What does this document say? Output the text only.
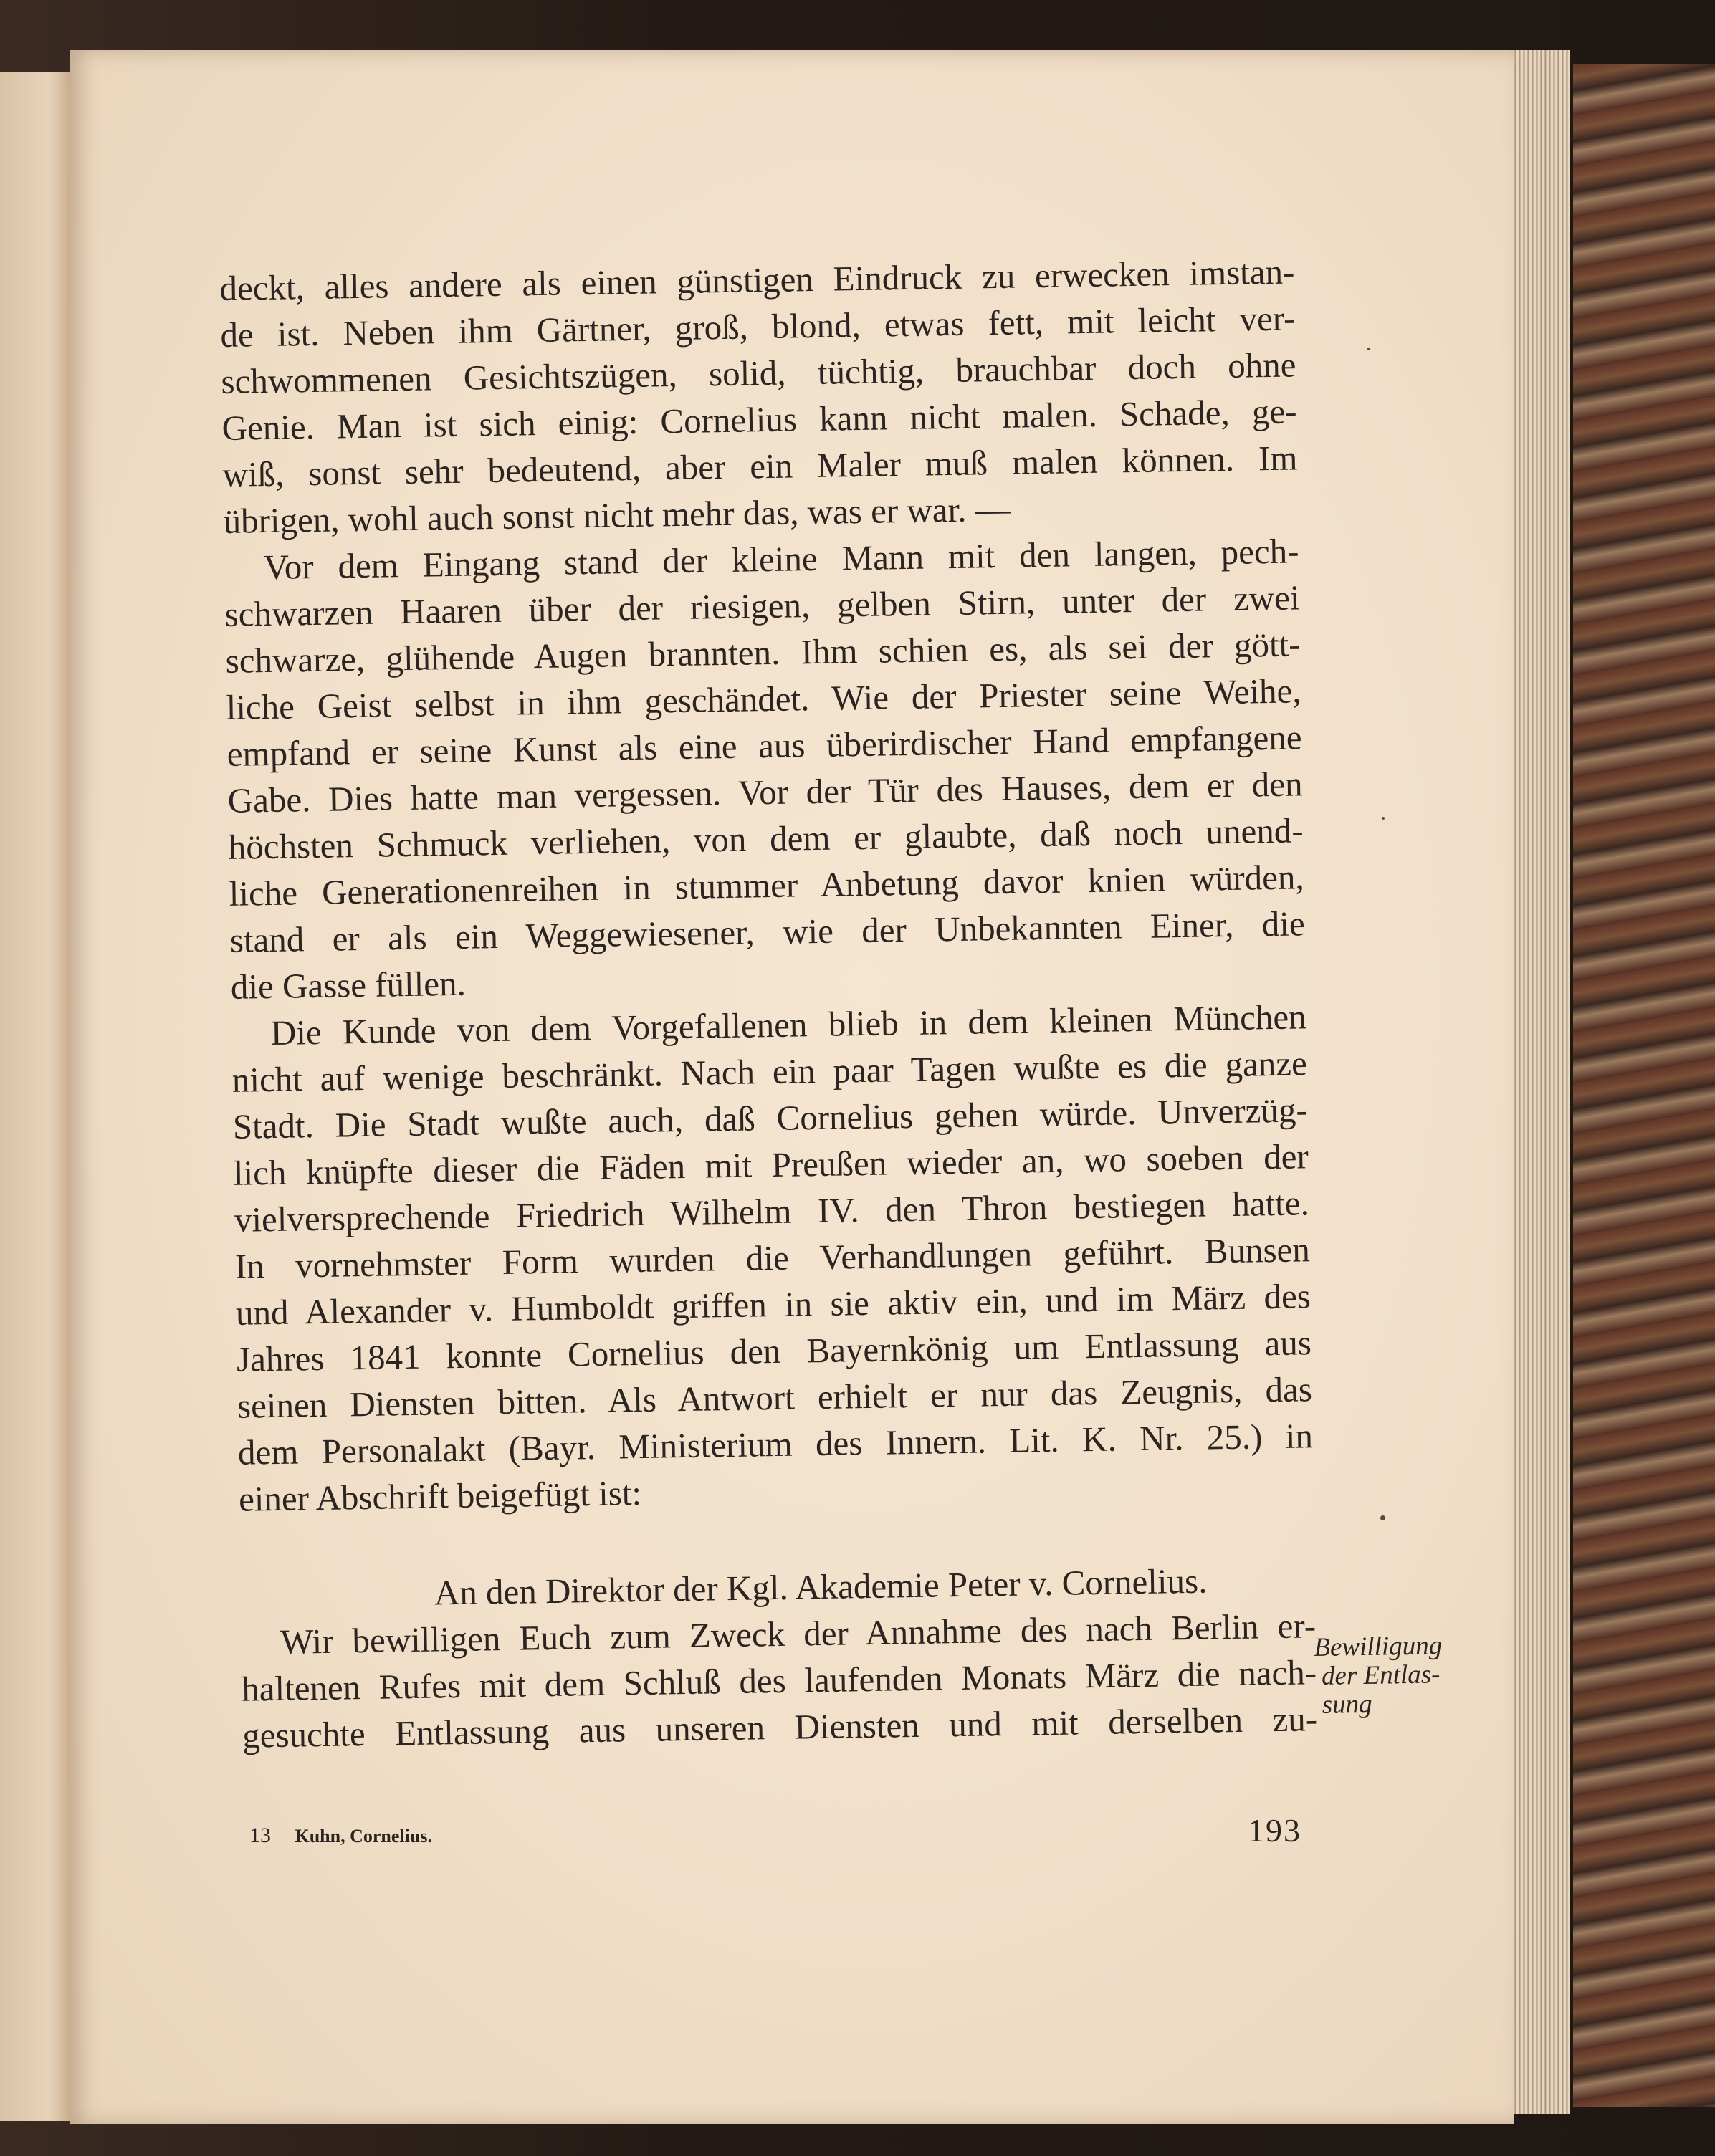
deckt, alles andere als einen günstigen Eindruck zu erwecken imstan-
de ist. Neben ihm Gärtner, groß, blond, etwas fett, mit leicht ver-
schwommenen Gesichtszügen, solid, tüchtig, brauchbar doch ohne
Genie. Man ist sich einig: Cornelius kann nicht malen. Schade, ge-
wiß, sonst sehr bedeutend, aber ein Maler muß malen können. Im
übrigen, wohl auch sonst nicht mehr das, was er war. —
Vor dem Eingang stand der kleine Mann mit den langen, pech-
schwarzen Haaren über der riesigen, gelben Stirn, unter der zwei
schwarze, glühende Augen brannten. Ihm schien es, als sei der gött-
liche Geist selbst in ihm geschändet. Wie der Priester seine Weihe,
empfand er seine Kunst als eine aus überirdischer Hand empfangene
Gabe. Dies hatte man vergessen. Vor der Tür des Hauses, dem er den
höchsten Schmuck verliehen, von dem er glaubte, daß noch unend-
liche Generationenreihen in stummer Anbetung davor knien würden,
stand er als ein Weggewiesener, wie der Unbekannten Einer, die
die Gasse füllen.
Die Kunde von dem Vorgefallenen blieb in dem kleinen München
nicht auf wenige beschränkt. Nach ein paar Tagen wußte es die ganze
Stadt. Die Stadt wußte auch, daß Cornelius gehen würde. Unverzüg-
lich knüpfte dieser die Fäden mit Preußen wieder an, wo soeben der
vielversprechende Friedrich Wilhelm IV. den Thron bestiegen hatte.
In vornehmster Form wurden die Verhandlungen geführt. Bunsen
und Alexander v. Humboldt griffen in sie aktiv ein, und im März des
Jahres 1841 konnte Cornelius den Bayernkönig um Entlassung aus
seinen Diensten bitten. Als Antwort erhielt er nur das Zeugnis, das
dem Personalakt (Bayr. Ministerium des Innern. Lit. K. Nr. 25.) in
einer Abschrift beigefügt ist:
An den Direktor der Kgl. Akademie Peter v. Cornelius.
Wir bewilligen Euch zum Zweck der Annahme des nach Berlin er-
haltenen Rufes mit dem Schluß des laufenden Monats März die nach-
gesuchte Entlassung aus unseren Diensten und mit derselben zu-
Bewilligung
der Entlas-
sung
13 Kuhn, Cornelius.	193
